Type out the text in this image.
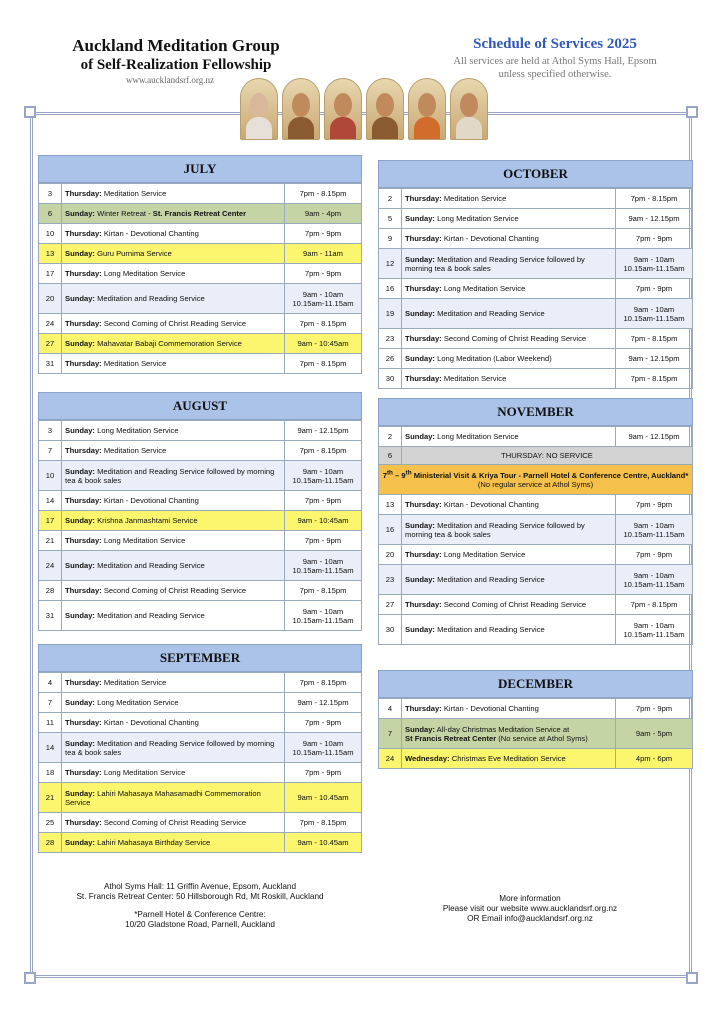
Auckland Meditation Group
of Self-Realization Fellowship
www.aucklandsrf.org.nz
Schedule of Services 2025
All services are held at Athol Syms Hall, Epsom
unless specified otherwise.
JULY
3	Thursday: Meditation Service	7pm - 8.15pm
6	Sunday: Winter Retreat - St. Francis Retreat Center	9am - 4pm
10	Thursday: Kirtan - Devotional Chanting	7pm - 9pm
13	Sunday: Guru Purnima Service	9am - 11am
17	Thursday: Long Meditation Service	7pm - 9pm
20	Sunday: Meditation and Reading Service	9am - 10am
10.15am-11.15am

24	Thursday: Second Coming of Christ Reading Service	7pm - 8.15pm
27	Sunday: Mahavatar Babaji Commemoration Service	9am - 10:45am
31	Thursday: Meditation Service	7pm - 8.15pm
AUGUST
3	Sunday: Long Meditation Service	9am - 12.15pm
7	Thursday: Meditation Service	7pm - 8.15pm
10	Sunday: Meditation and Reading Service followed by morning tea & book sales	9am - 10am
10.15am-11.15am

14	Thursday: Kirtan - Devotional Chanting	7pm - 9pm
17	Sunday: Krishna Janmashtami Service	9am - 10:45am
21	Thursday: Long Meditation Service	7pm - 9pm
24	Sunday: Meditation and Reading Service	9am - 10am
10.15am-11.15am

28	Thursday: Second Coming of Christ Reading Service	7pm - 8.15pm
31	Sunday: Meditation and Reading Service	9am - 10am
10.15am-11.15am
SEPTEMBER
4	Thursday: Meditation Service	7pm - 8.15pm
7	Sunday: Long Meditation Service	9am - 12.15pm
11	Thursday: Kirtan - Devotional Chanting	7pm - 9pm
14	Sunday: Meditation and Reading Service followed by morning tea & book sales	9am - 10am
10.15am-11.15am

18	Thursday: Long Meditation Service	7pm - 9pm
21	Sunday: Lahiri Mahasaya Mahasamadhi Commemoration Service	9am - 10.45am
25	Thursday: Second Coming of Christ Reading Service	7pm - 8.15pm
28	Sunday: Lahiri Mahasaya Birthday Service	9am - 10.45am
OCTOBER
2	Thursday: Meditation Service	7pm - 8.15pm
5	Sunday: Long Meditation Service	9am - 12.15pm
9	Thursday: Kirtan - Devotional Chanting	7pm - 9pm
12	Sunday: Meditation and Reading Service followed by morning tea & book sales	9am - 10am
10.15am-11.15am

16	Thursday: Long Meditation Service	7pm - 9pm
19	Sunday: Meditation and Reading Service	9am - 10am
10.15am-11.15am

23	Thursday: Second Coming of Christ Reading Service	7pm - 8.15pm
26	Sunday: Long Meditation (Labor Weekend)	9am - 12.15pm
30	Thursday: Meditation Service	7pm - 8.15pm
NOVEMBER
2	Sunday: Long Meditation Service	9am - 12.15pm
6	THURSDAY: NO SERVICE	
7th – 9th Ministerial Visit & Kriya Tour - Parnell Hotel & Conference Centre, Auckland*
(No regular service at Athol Syms)		

13	Thursday: Kirtan - Devotional Chanting	7pm - 9pm
16	Sunday: Meditation and Reading Service followed by morning tea & book sales	9am - 10am
10.15am-11.15am

20	Thursday: Long Meditation Service	7pm - 9pm
23	Sunday: Meditation and Reading Service	9am - 10am
10.15am-11.15am

27	Thursday: Second Coming of Christ Reading Service	7pm - 8.15pm
30	Sunday: Meditation and Reading Service	9am - 10am
10.15am-11.15am
DECEMBER
4	Thursday: Kirtan - Devotional Chanting	7pm - 9pm
7	Sunday: All-day Christmas Meditation Service at
St Francis Retreat Center (No service at Athol Syms)	9am - 5pm
24	Wednesday: Christmas Eve Meditation Service	4pm - 6pm
Athol Syms Hall: 11 Griffin Avenue, Epsom, Auckland
St. Francis Retreat Center: 50 Hillsborough Rd, Mt Roskill, Auckland
*Parnell Hotel & Conference Centre:
10/20 Gladstone Road, Parnell, Auckland
More information
Please visit our website www.aucklandsrf.org.nz
OR Email info@aucklandsrf.org.nz
